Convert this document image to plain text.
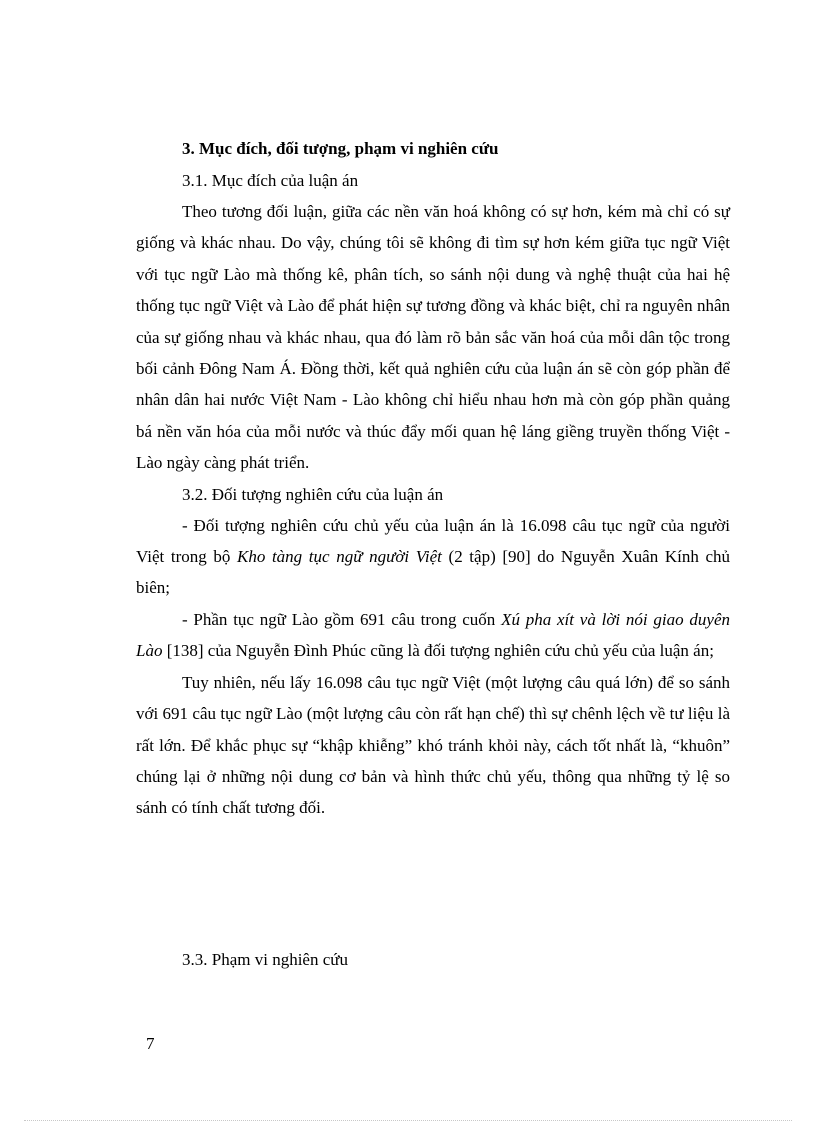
3. Mục đích, đối tượng, phạm vi nghiên cứu

3.1. Mục đích của luận án

Theo tương đối luận, giữa các nền văn hoá không có sự hơn, kém mà chỉ có sự giống và khác nhau. Do vậy, chúng tôi sẽ không đi tìm sự hơn kém giữa tục ngữ Việt với tục ngữ Lào mà thống kê, phân tích, so sánh nội dung và nghệ thuật của hai hệ thống tục ngữ Việt và Lào để phát hiện sự tương đồng và khác biệt, chỉ ra nguyên nhân của sự giống nhau và khác nhau, qua đó làm rõ bản sắc văn hoá của mỗi dân tộc trong bối cảnh Đông Nam Á. Đồng thời, kết quả nghiên cứu của luận án sẽ còn góp phần để nhân dân hai nước Việt Nam - Lào không chỉ hiểu nhau hơn mà còn góp phần quảng bá nền văn hóa của mỗi nước và thúc đẩy mối quan hệ láng giềng truyền thống Việt - Lào ngày càng phát triển.

3.2. Đối tượng nghiên cứu của luận án

- Đối tượng nghiên cứu chủ yếu của luận án là 16.098 câu tục ngữ của người Việt trong bộ Kho tàng tục ngữ người Việt (2 tập) [90] do Nguyễn Xuân Kính chủ biên;

- Phần tục ngữ Lào gồm 691 câu trong cuốn Xú pha xít và lời nói giao duyên Lào [138] của Nguyễn Đình Phúc cũng là đối tượng nghiên cứu chủ yếu của luận án;

Tuy nhiên, nếu lấy 16.098 câu tục ngữ Việt (một lượng câu quá lớn) để so sánh với 691 câu tục ngữ Lào (một lượng câu còn rất hạn chế) thì sự chênh lệch về tư liệu là rất lớn. Để khắc phục sự “khập khiễng” khó tránh khỏi này, cách tốt nhất là, “khuôn” chúng lại ở những nội dung cơ bản và hình thức chủ yếu, thông qua những tỷ lệ so sánh có tính chất tương đối.

3.3. Phạm vi nghiên cứu

7
